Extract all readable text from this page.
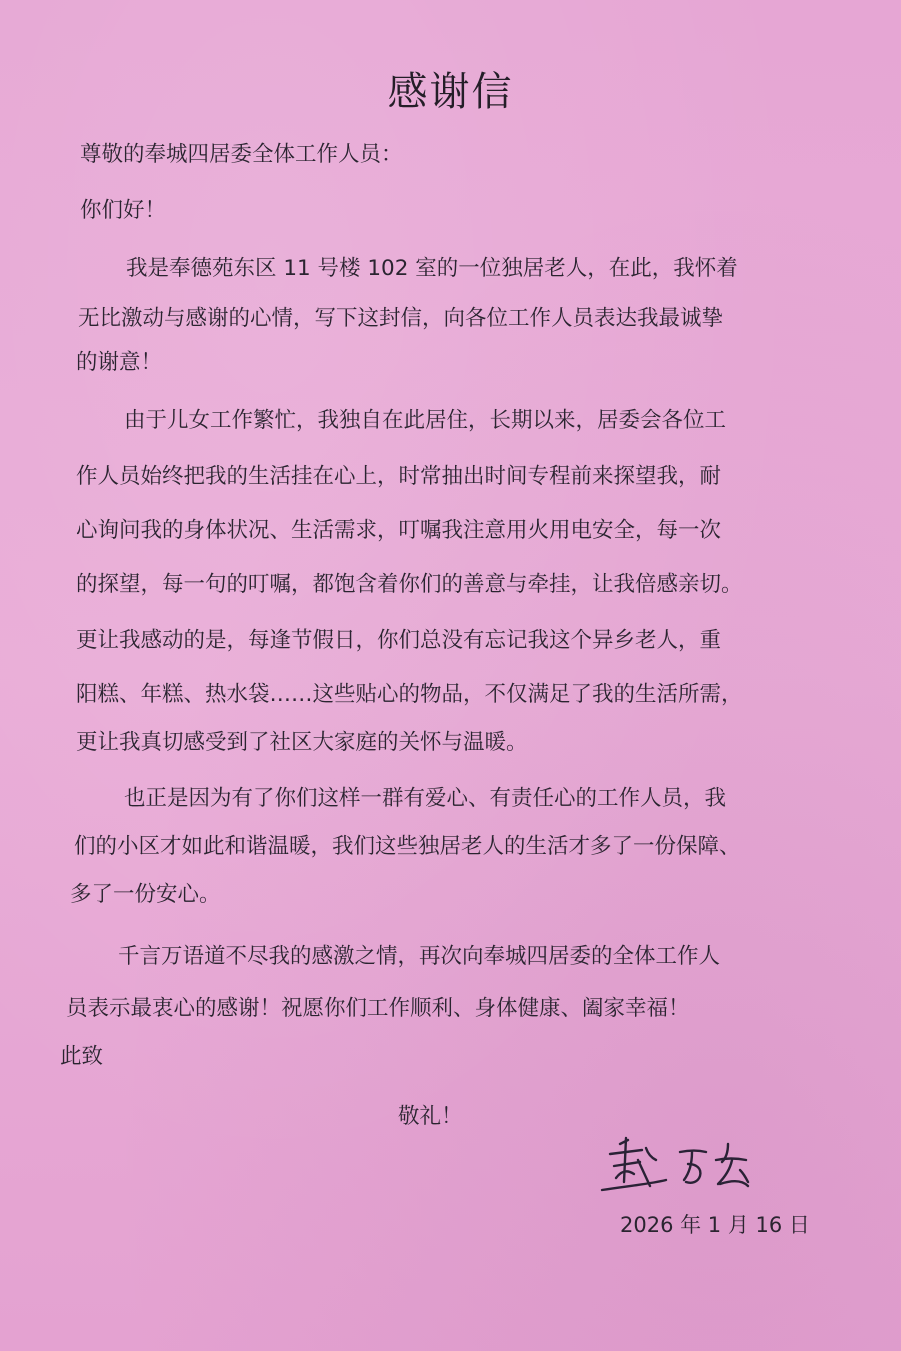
感谢信

尊敬的奉城四居委全体工作人员：

你们好！

我是奉德苑东区 11 号楼 102 室的一位独居老人，在此，我怀着

无比激动与感谢的心情，写下这封信，向各位工作人员表达我最诚挚

的谢意！

由于儿女工作繁忙，我独自在此居住，长期以来，居委会各位工

作人员始终把我的生活挂在心上，时常抽出时间专程前来探望我，耐

心询问我的身体状况、生活需求，叮嘱我注意用火用电安全，每一次

的探望，每一句的叮嘱，都饱含着你们的善意与牵挂，让我倍感亲切。

更让我感动的是，每逢节假日，你们总没有忘记我这个异乡老人，重

阳糕、年糕、热水袋……这些贴心的物品，不仅满足了我的生活所需，

更让我真切感受到了社区大家庭的关怀与温暖。

也正是因为有了你们这样一群有爱心、有责任心的工作人员，我

们的小区才如此和谐温暖，我们这些独居老人的生活才多了一份保障、

多了一份安心。

千言万语道不尽我的感激之情，再次向奉城四居委的全体工作人

员表示最衷心的感谢！祝愿你们工作顺利、身体健康、阖家幸福！

此致

敬礼！

2026 年 1 月 16 日
